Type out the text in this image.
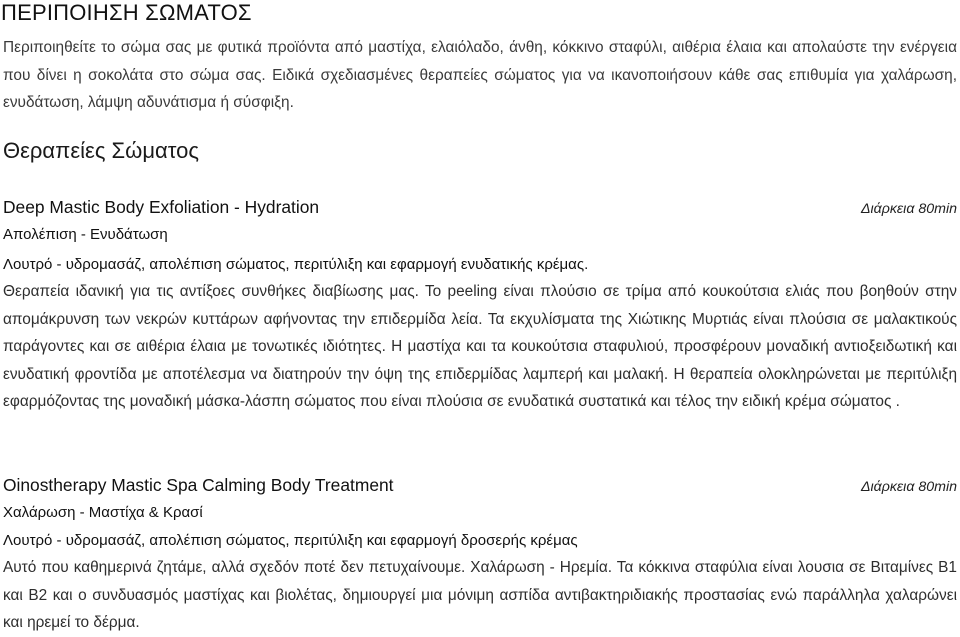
ΠΕΡΙΠΟΙΗΣΗ ΣΩΜΑΤΟΣ

Περιποιηθείτε το σώμα σας με φυτικά προϊόντα από μαστίχα, ελαιόλαδο, άνθη, κόκκινο σταφύλι, αιθέρια έλαια και απολαύστε την ενέργεια που δίνει η σοκολάτα στο σώμα σας. Ειδικά σχεδιασμένες θεραπείες σώματος για να ικανοποιήσουν κάθε σας επιθυμία για χαλάρωση, ενυδάτωση, λάμψη αδυνάτισμα ή σύσφιξη.

Θεραπείες Σώματος
Deep Mastic Body Exfoliation - Hydration	Διάρκεια 80min
Απολέπιση - Ενυδάτωση
Λουτρό - υδρομασάζ, απολέπιση σώματος, περιτύλιξη και εφαρμογή ενυδατικής κρέμας.
Θεραπεία ιδανική για τις αντίξοες συνθήκες διαβίωσης μας. Το peeling είναι πλούσιο σε τρίμα από κουκούτσια ελιάς που βοηθούν στην απομάκρυνση των νεκρών κυττάρων αφήνοντας την επιδερμίδα λεία. Τα εκχυλίσματα της Χιώτικης Μυρτιάς είναι πλούσια σε μαλακτικούς παράγοντες και σε αιθέρια έλαια με τονωτικές ιδιότητες. Η μαστίχα και τα κουκούτσια σταφυλιού, προσφέρουν μοναδική αντιοξειδωτική και ενυδατική φροντίδα με αποτέλεσμα να διατηρούν την όψη της επιδερμίδας λαμπερή και μαλακή. Η θεραπεία ολοκληρώνεται με περιτύλιξη εφαρμόζοντας της μοναδική μάσκα-λάσπη σώματος που είναι πλούσια σε ενυδατικά συστατικά και τέλος την ειδική κρέμα σώματος .
Oinostherapy Mastic Spa Calming Body Treatment	Διάρκεια 80min
Χαλάρωση - Μαστίχα & Κρασί
Λουτρό - υδρομασάζ, απολέπιση σώματος, περιτύλιξη και εφαρμογή δροσερής κρέμας
Αυτό που καθημερινά ζητάμε, αλλά σχεδόν ποτέ δεν πετυχαίνουμε. Χαλάρωση - Ηρεμία. Τα κόκκινα σταφύλια είναι λουσια σε Βιταμίνες Β1 και Β2 και ο συνδυασμός μαστίχας και βιολέτας, δημιουργεί μια μόνιμη ασπίδα αντιβακτηριδιακής προστασίας ενώ παράλληλα χαλαρώνει και ηρεμεί το δέρμα.
